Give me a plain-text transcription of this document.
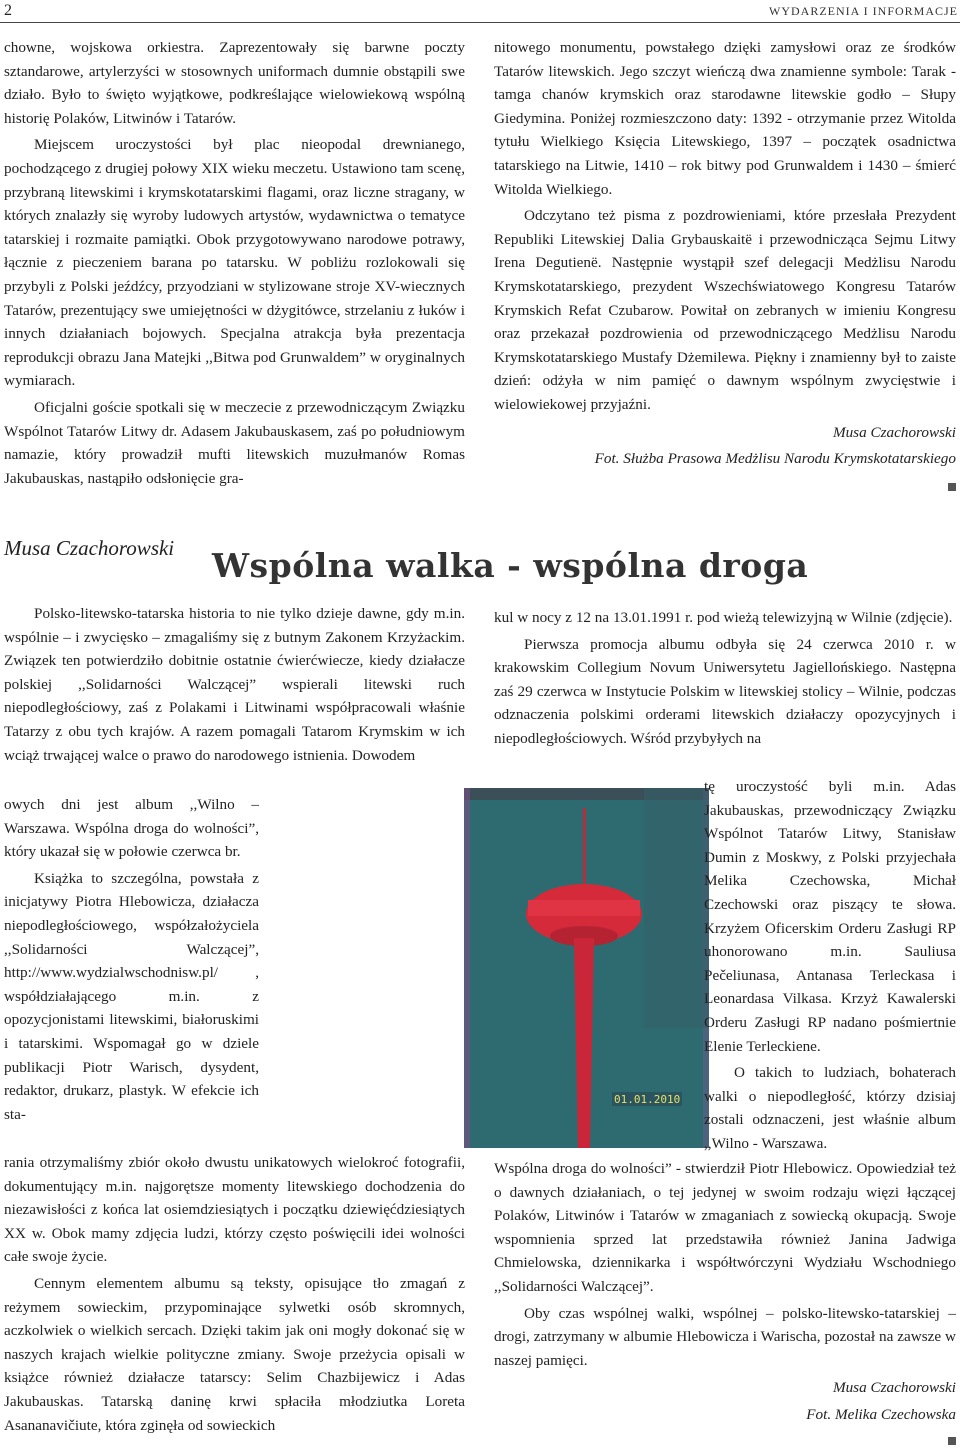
2	WYDARZENIA I INFORMACJE

chowne, wojskowa orkiestra. Zaprezentowały się barwne poczty sztandarowe, artylerzyści w stosownych uniformach dumnie obstąpili swe działo. Było to święto wyjątkowe, podkreślające wielowiekową wspólną historię Polaków, Litwinów i Tatarów.

Miejscem uroczystości był plac nieopodal drewnianego, pochodzącego z drugiej połowy XIX wieku meczetu. Ustawiono tam scenę, przybraną litewskimi i krymskotatarskimi flagami, oraz liczne stragany, w których znalazły się wyroby ludowych artystów, wydawnictwa o tematyce tatarskiej i rozmaite pamiątki. Obok przygotowywano narodowe potrawy, łącznie z pieczeniem barana po tatarsku. W pobliżu rozlokowali się przybyli z Polski jeźdźcy, przyodziani w stylizowane stroje XV-wiecznych Tatarów, prezentujący swe umiejętności w dżygitówce, strzelaniu z łuków i innych działaniach bojowych. Specjalna atrakcja była prezentacja reprodukcji obrazu Jana Matejki ,,Bitwa pod Grunwaldem” w oryginalnych wymiarach.

Oficjalni goście spotkali się w meczecie z przewodniczącym Związku Wspólnot Tatarów Litwy dr. Adasem Jakubauskasem, zaś po południowym namazie, który prowadził mufti litewskich muzułmanów Romas Jakubauskas, nastąpiło odsłonięcie gra-

nitowego monumentu, powstałego dzięki zamysłowi oraz ze środków Tatarów litewskich. Jego szczyt wieńczą dwa znamienne symbole: Tarak - tamga chanów krymskich oraz starodawne litewskie godło – Słupy Giedymina. Poniżej rozmieszczono daty: 1392 - otrzymanie przez Witolda tytułu Wielkiego Księcia Litewskiego, 1397 – początek osadnictwa tatarskiego na Litwie, 1410 – rok bitwy pod Grunwaldem i 1430 – śmierć Witolda Wielkiego.

Odczytano też pisma z pozdrowieniami, które przesłała Prezydent Republiki Litewskiej Dalia Grybauskaitë i przewodnicząca Sejmu Litwy Irena Degutienë. Następnie wystąpił szef delegacji Medżlisu Narodu Krymskotatarskiego, prezydent Wszechświatowego Kongresu Tatarów Krymskich Refat Czubarow. Powitał on zebranych w imieniu Kongresu oraz przekazał pozdrowienia od przewodniczącego Medżlisu Narodu Krymskotatarskiego Mustafy Dżemilewa. Piękny i znamienny był to zaiste dzień: odżyła w nim pamięć o dawnym wspólnym zwycięstwie i wielowiekowej przyjaźni.

Musa Czachorowski

Fot. Służba Prasowa Medżlisu Narodu Krymskotatarskiego

Musa Czachorowski Wspólna walka - wspólna droga

Polsko-litewsko-tatarska historia to nie tylko dzieje dawne, gdy m.in. wspólnie – i zwycięsko – zmagaliśmy się z butnym Zakonem Krzyżackim. Związek ten potwierdziło dobitnie ostatnie ćwierćwiecze, kiedy działacze polskiej ,,Solidarności Walczącej” wspierali litewski ruch niepodległościowy, zaś z Polakami i Litwinami współpracowali właśnie Tatarzy z obu tych krajów. A razem pomagali Tatarom Krymskim w ich wciąż trwającej walce o prawo do narodowego istnienia. Dowodem

owych dni jest album ,,Wilno – Warszawa. Wspólna droga do wolności”, który ukazał się w połowie czerwca br.

Książka to szczególna, powstała z inicjatywy Piotra Hlebowicza, działacza niepodległościowego, współzałożyciela ,,Solidarności Walczącej”, http://www.wydzialwschodnisw.pl/ , współdziałającego m.in. z opozycjonistami litewskimi, białoruskimi i tatarskimi. Wspomagał go w dziele publikacji Piotr Warisch, dysydent, redaktor, drukarz, plastyk. W efekcie ich sta-

rania otrzymaliśmy zbiór około dwustu unikatowych wielokroć fotografii, dokumentujący m.in. najgorętsze momenty litewskiego dochodzenia do niezawisłości z końca lat osiemdziesiątych i początku dziewięćdziesiątych XX w. Obok mamy zdjęcia ludzi, którzy często poświęcili idei wolności całe swoje życie.

Cennym elementem albumu są teksty, opisujące tło zmagań z reżymem sowieckim, przypominające sylwetki osób skromnych, aczkolwiek o wielkich sercach. Dzięki takim jak oni mogły dokonać się w naszych krajach wielkie polityczne zmiany. Swoje przeżycia opisali w książce również działacze tatarscy: Selim Chazbijewicz i Adas Jakubauskas. Tatarską daninę krwi spłaciła młodziutka Loreta Asananavičiute, która zginęła od sowieckich

01.01.2010

kul w nocy z 12 na 13.01.1991 r. pod wieżą telewizyjną w Wilnie (zdjęcie).

Pierwsza promocja albumu odbyła się 24 czerwca 2010 r. w krakowskim Collegium Novum Uniwersytetu Jagiellońskiego. Następna zaś 29 czerwca w Instytucie Polskim w litewskiej stolicy – Wilnie, podczas odznaczenia polskimi orderami litewskich działaczy opozycyjnych i niepodległościowych. Wśród przybyłych na

tę uroczystość byli m.in. Adas Jakubauskas, przewodniczący Związku Wspólnot Tatarów Litwy, Stanisław Dumin z Moskwy, z Polski przyjechała Melika Czechowska, Michał Czechowski oraz piszący te słowa. Krzyżem Oficerskim Orderu Zasługi RP uhonorowano m.in. Sauliusa Pečeliunasa, Antanasa Terleckasa i Leonardasa Vilkasa. Krzyż Kawalerski Orderu Zasługi RP nadano pośmiertnie Elenie Terleckiene.

O takich to ludziach, bohaterach walki o niepodległość, którzy dzisiaj zostali odznaczeni, jest właśnie album ,,Wilno - Warszawa.

Wspólna droga do wolności” - stwierdził Piotr Hlebowicz. Opowiedział też o dawnych działaniach, o tej jedynej w swoim rodzaju więzi łączącej Polaków, Litwinów i Tatarów w zmaganiach z sowiecką okupacją. Swoje wspomnienia sprzed lat przedstawiła również Janina Jadwiga Chmielowska, dziennikarka i współtwórczyni Wydziału Wschodniego ,,Solidarności Walczącej”.

Oby czas wspólnej walki, wspólnej – polsko-litewsko-tatarskiej – drogi, zatrzymany w albumie Hlebowicza i Warischa, pozostał na zawsze w naszej pamięci.

Musa Czachorowski

Fot. Melika Czechowska
